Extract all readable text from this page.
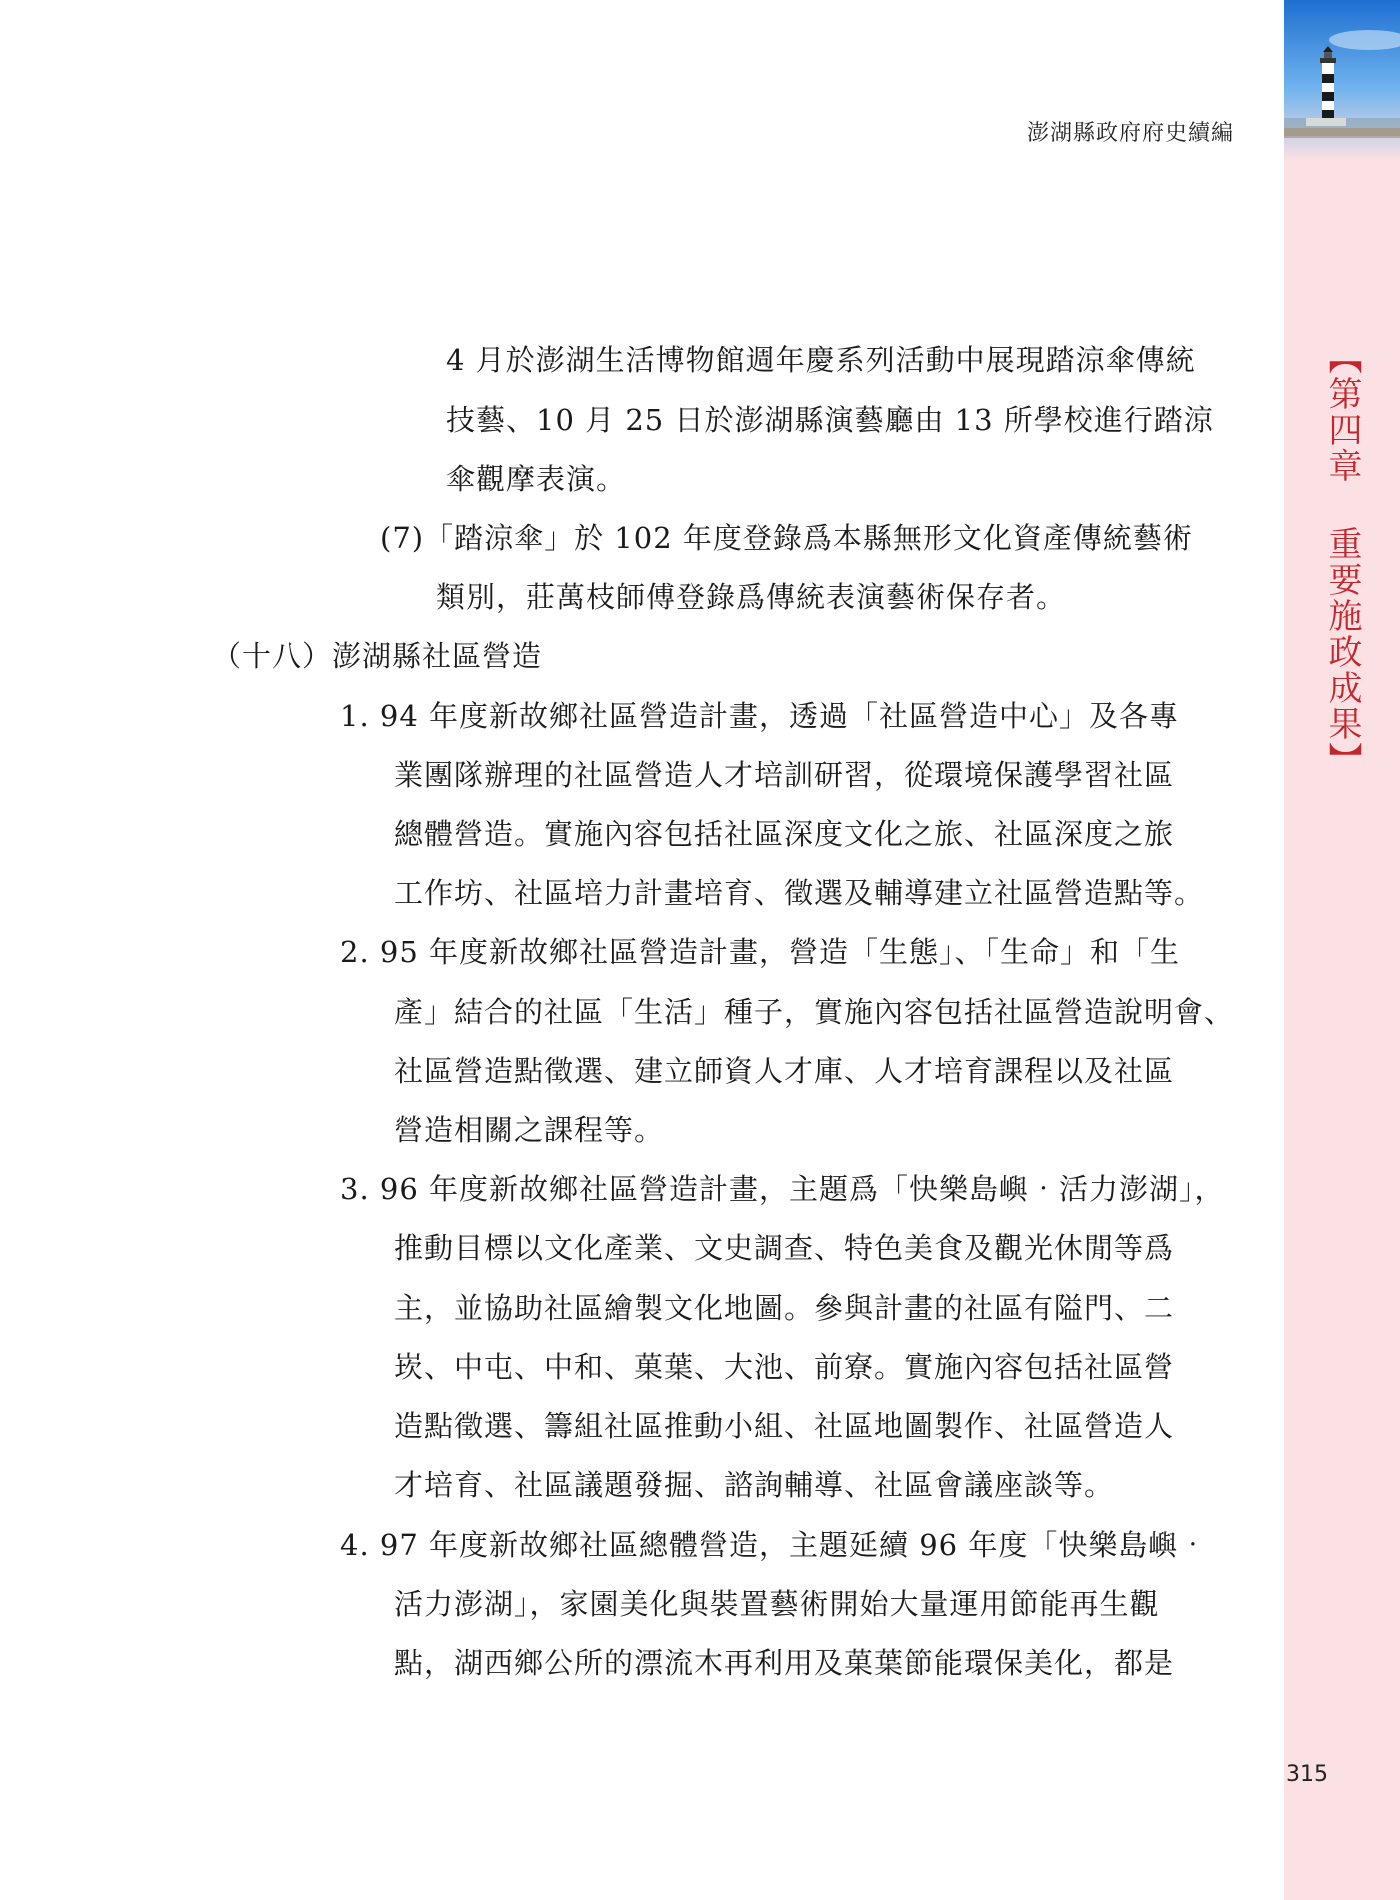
澎湖縣政府府史續編
【第四章 重要施政成果】
315
4 月於澎湖生活博物館週年慶系列活動中展現踏涼傘傳統
技藝、10 月 25 日於澎湖縣演藝廳由 13 所學校進行踏涼
傘觀摩表演。
(7)「踏涼傘」於 102 年度登錄爲本縣無形文化資產傳統藝術
類別，莊萬枝師傅登錄爲傳統表演藝術保存者。
（十八）澎湖縣社區營造
1. 94 年度新故鄉社區營造計畫，透過「社區營造中心」及各專
業團隊辦理的社區營造人才培訓研習，從環境保護學習社區
總體營造。實施內容包括社區深度文化之旅、社區深度之旅
工作坊、社區培力計畫培育、徵選及輔導建立社區營造點等。
2. 95 年度新故鄉社區營造計畫，營造「生態」、「生命」和「生
產」結合的社區「生活」種子，實施內容包括社區營造說明會、
社區營造點徵選、建立師資人才庫、人才培育課程以及社區
營造相關之課程等。
3. 96 年度新故鄉社區營造計畫，主題爲「快樂島嶼‧活力澎湖」，
推動目標以文化產業、文史調查、特色美食及觀光休閒等爲
主，並協助社區繪製文化地圖。參與計畫的社區有隘門、二
崁、中屯、中和、菓葉、大池、前寮。實施內容包括社區營
造點徵選、籌組社區推動小組、社區地圖製作、社區營造人
才培育、社區議題發掘、諮詢輔導、社區會議座談等。
4. 97 年度新故鄉社區總體營造，主題延續 96 年度「快樂島嶼‧
活力澎湖」，家園美化與裝置藝術開始大量運用節能再生觀
點，湖西鄉公所的漂流木再利用及菓葉節能環保美化，都是
